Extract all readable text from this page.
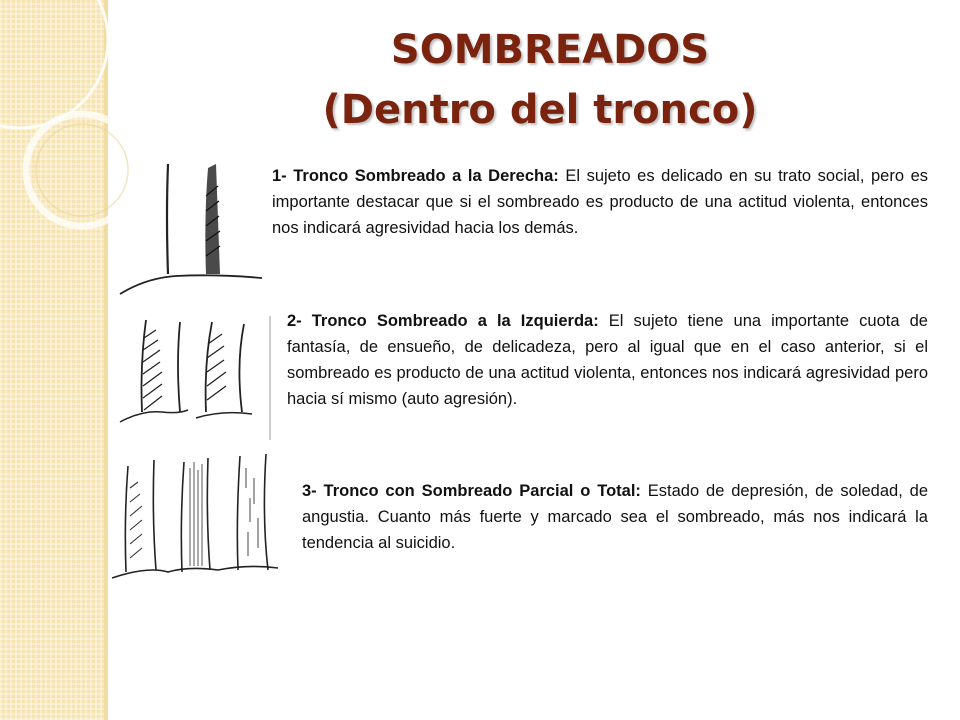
SOMBREADOS
(Dentro del tronco)

1- Tronco Sombreado a la Derecha: El sujeto es delicado en su trato social, pero es importante destacar que si el sombreado es producto de una actitud violenta, entonces nos indicará agresividad hacia los demás.

2- Tronco Sombreado a la Izquierda: El sujeto tiene una importante cuota de fantasía, de ensueño, de delicadeza, pero al igual que en el caso anterior, si el sombreado es producto de una actitud violenta, entonces nos indicará agresividad pero hacia sí mismo (auto agresión).

3- Tronco con Sombreado Parcial o Total: Estado de depresión, de soledad, de angustia. Cuanto más fuerte y marcado sea el sombreado, más nos indicará la tendencia al suicidio.
